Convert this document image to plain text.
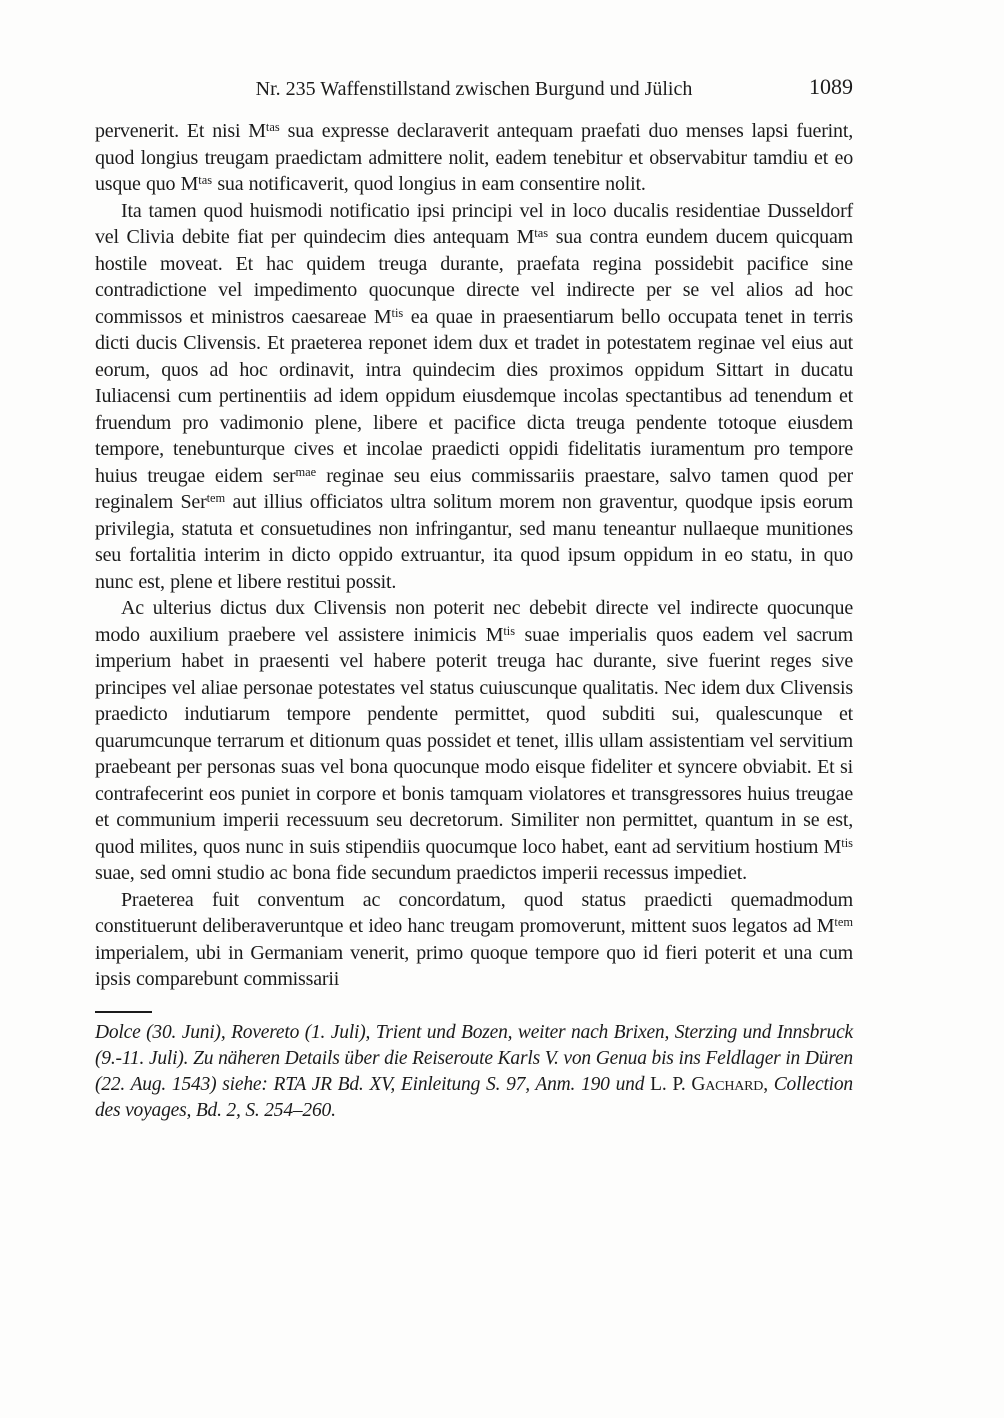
Nr. 235 Waffenstillstand zwischen Burgund und Jülich	1089

pervenerit. Et nisi $M^{tas}$ sua expresse declaraverit antequam praefati duo menses lapsi fuerint, quod longius treugam praedictam admittere nolit, eadem tenebitur et observabitur tamdiu et eo usque quo $M^{tas}$ sua notificaverit, quod longius in eam consentire nolit.

Ita tamen quod huismodi notificatio ipsi principi vel in loco ducalis residentiae Dusseldorf vel Clivia debite fiat per quindecim dies antequam $M^{tas}$ sua contra eundem ducem quicquam hostile moveat. Et hac quidem treuga durante, praefata regina possidebit pacifice sine contradictione vel impedimento quocunque directe vel indirecte per se vel alios ad hoc commissos et ministros caesareae $M^{tis}$ ea quae in praesentiarum bello occupata tenet in terris dicti ducis Clivensis. Et praeterea reponet idem dux et tradet in potestatem reginae vel eius aut eorum, quos ad hoc ordinavit, intra quindecim dies proximos oppidum Sittart in ducatu Iuliacensi cum pertinentiis ad idem oppidum eiusdemque incolas spectantibus ad tenendum et fruendum pro vadimonio plene, libere et pacifice dicta treuga pendente totoque eiusdem tempore, tenebunturque cives et incolae praedicti oppidi fidelitatis iuramentum pro tempore huius treugae eidem ser$^{mae}$ reginae seu eius commissariis praestare, salvo tamen quod per reginalem Ser$^{tem}$ aut illius officiatos ultra solitum morem non graventur, quodque ipsis eorum privilegia, statuta et consuetudines non infringantur, sed manu teneantur nullaeque munitiones seu fortalitia interim in dicto oppido extruantur, ita quod ipsum oppidum in eo statu, in quo nunc est, plene et libere restitui possit.

Ac ulterius dictus dux Clivensis non poterit nec debebit directe vel indirecte quocunque modo auxilium praebere vel assistere inimicis $M^{tis}$ suae imperialis quos eadem vel sacrum imperium habet in praesenti vel habere poterit treuga hac durante, sive fuerint reges sive principes vel aliae personae potestates vel status cuiuscunque qualitatis. Nec idem dux Clivensis praedicto indutiarum tempore pendente permittet, quod subditi sui, qualescunque et quarumcunque terrarum et ditionum quas possidet et tenet, illis ullam assistentiam vel servitium praebeant per personas suas vel bona quocunque modo eisque fideliter et syncere obviabit. Et si contrafecerint eos puniet in corpore et bonis tamquam violatores et transgressores huius treugae et communium imperii recessuum seu decretorum. Similiter non permittet, quantum in se est, quod milites, quos nunc in suis stipendiis quocumque loco habet, eant ad servitium hostium $M^{tis}$ suae, sed omni studio ac bona fide secundum praedictos imperii recessus impediet.

Praeterea fuit conventum ac concordatum, quod status praedicti quemadmodum constituerunt deliberaveruntque et ideo hanc treugam promoverunt, mittent suos legatos ad $M^{tem}$ imperialem, ubi in Germaniam venerit, primo quoque tempore quo id fieri poterit et una cum ipsis comparebunt commissarii

Dolce (30. Juni), Rovereto (1. Juli), Trient und Bozen, weiter nach Brixen, Sterzing und Innsbruck (9.-11. Juli). Zu näheren Details über die Reiseroute Karls V. von Genua bis ins Feldlager in Düren (22. Aug. 1543) siehe: RTA JR Bd. XV, Einleitung S. 97, Anm. 190 und L. P. Gachard, Collection des voyages, Bd. 2, S. 254–260.
